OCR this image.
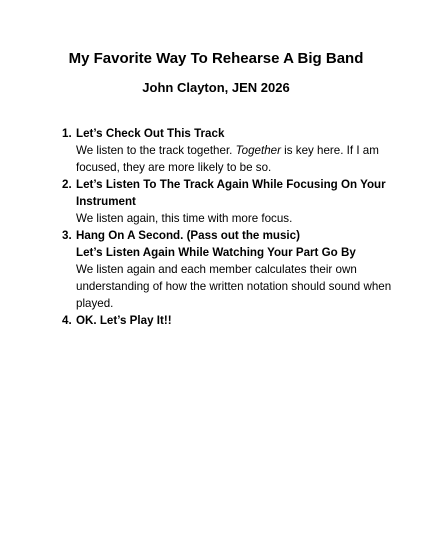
My Favorite Way To Rehearse A Big Band

John Clayton, JEN 2026

1. Let’s Check Out This Track
We listen to the track together. Together is key here. If I am focused, they are more likely to be so.
2. Let’s Listen To The Track Again While Focusing On Your Instrument
We listen again, this time with more focus.
3. Hang On A Second. (Pass out the music)
Let’s Listen Again While Watching Your Part Go By
We listen again and each member calculates their own understanding of how the written notation should sound when played.
4. OK. Let’s Play It!!
